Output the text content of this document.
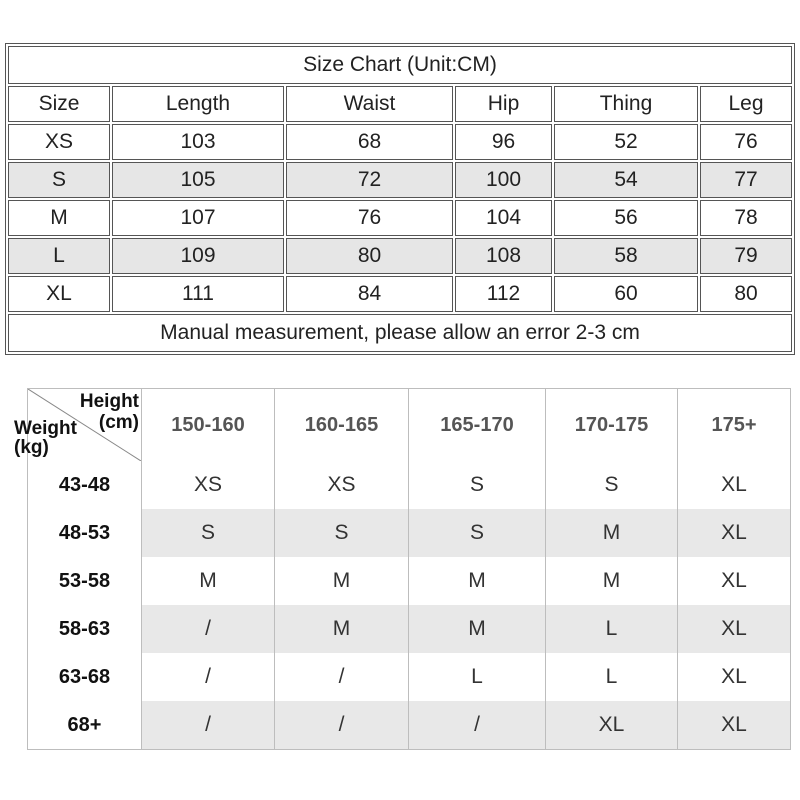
Size Chart (Unit:CM)					
Size	Length	Waist	Hip	Thing	Leg
XS	103	68	96	52	76
S	105	72	100	54	77
M	107	76	104	56	78
L	109	80	108	58	79
XL	111	84	112	60	80
Manual measurement, please allow an error 2-3 cm					
Height
(cm)
Weight
(kg)	150-160	160-165	165-170	170-175	175+
43-48	XS	XS	S	S	XL
48-53	S	S	S	M	XL
53-58	M	M	M	M	XL
58-63	/	M	M	L	XL
63-68	/	/	L	L	XL
68+	/	/	/	XL	XL
